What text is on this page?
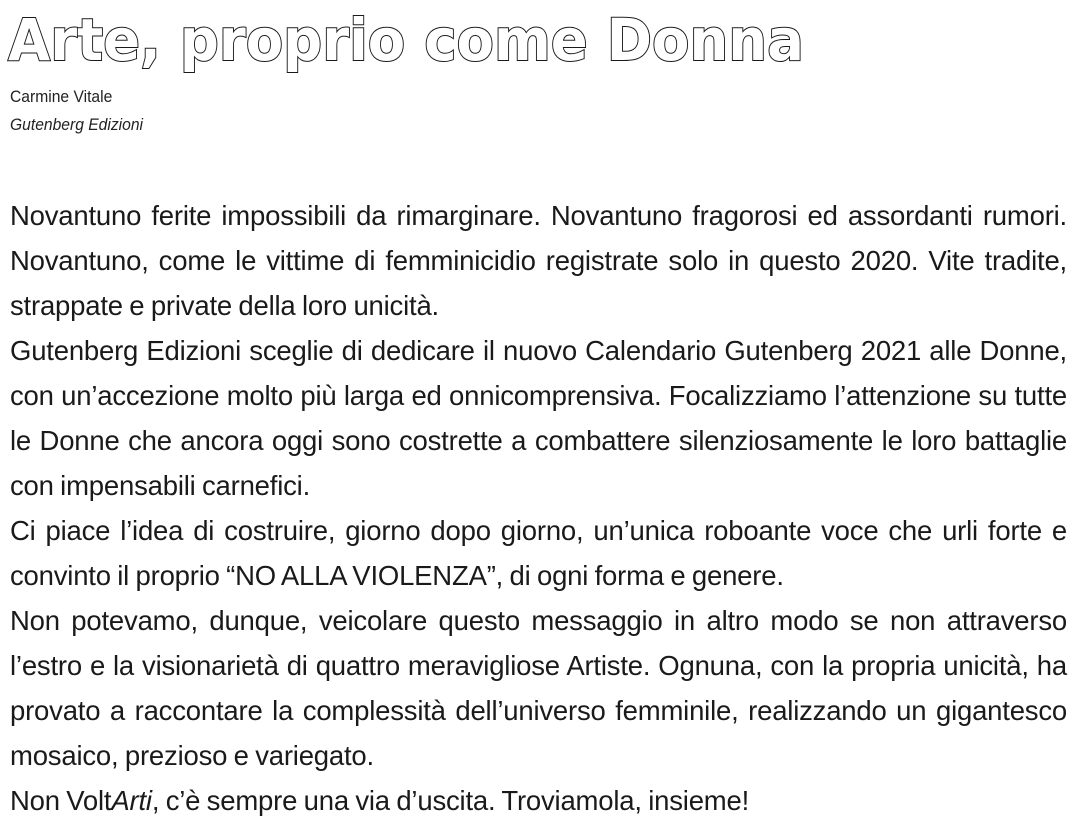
Arte, proprio come Donna
Carmine Vitale
Gutenberg Edizioni

Novantuno ferite impossibili da rimarginare. Novantuno fragorosi ed assordanti rumori. Novantuno, come le vittime di femminicidio registrate solo in questo 2020. Vite tradite, strappate e private della loro unicità.

Gutenberg Edizioni sceglie di dedicare il nuovo Calendario Gutenberg 2021 alle Donne, con un’accezione molto più larga ed onnicomprensiva. Focalizziamo l’attenzione su tutte le Donne che ancora oggi sono costrette a combattere silenziosamente le loro battaglie con impensabili carnefici.

Ci piace l’idea di costruire, giorno dopo giorno, un’unica roboante voce che urli forte e convinto il proprio “NO ALLA VIOLENZA”, di ogni forma e genere.

Non potevamo, dunque, veicolare questo messaggio in altro modo se non attraverso l’estro e la visionarietà di quattro meravigliose Artiste. Ognuna, con la propria unicità, ha provato a raccontare la complessità dell’universo femminile, realizzando un gigantesco mosaico, prezioso e variegato.

Non VoltArti, c’è sempre una via d’uscita. Troviamola, insieme!
